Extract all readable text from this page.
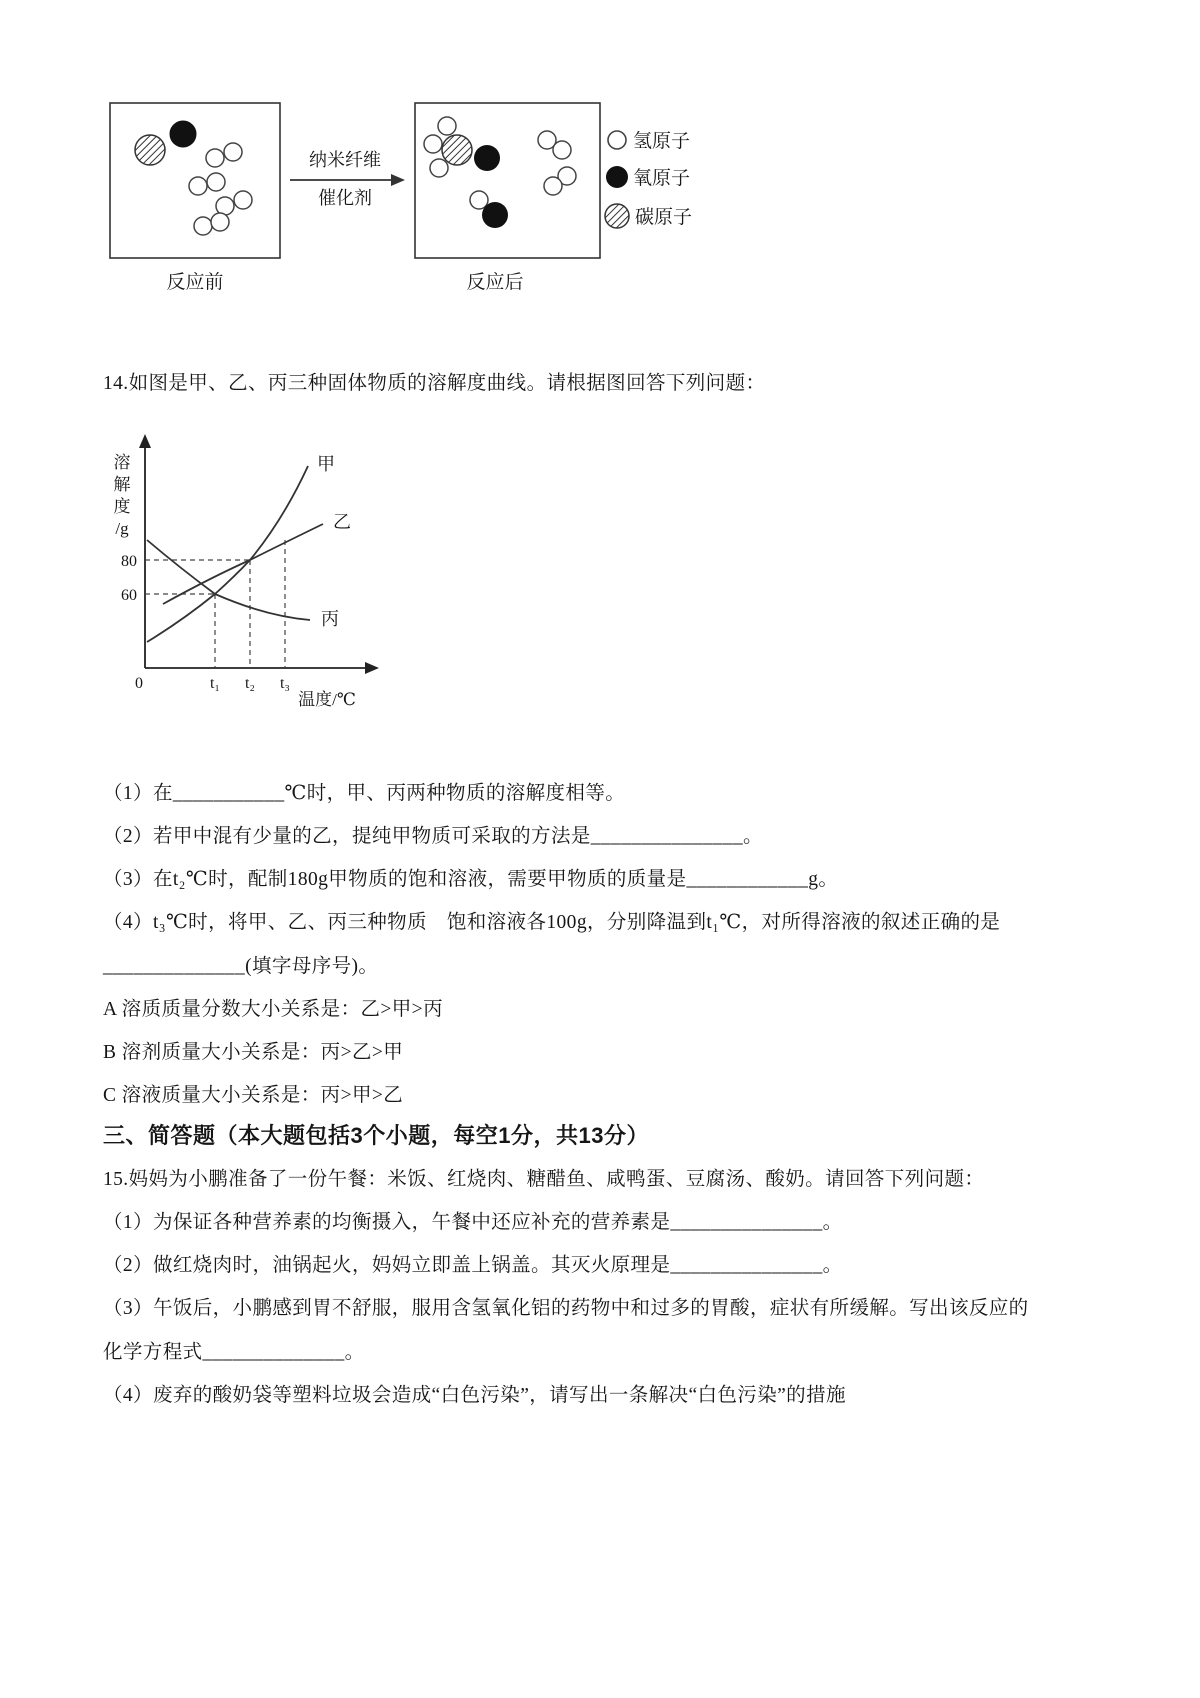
反应前
纳米纤维
催化剂
反应后
氢原子
氧原子
碳原子

14.如图是甲、乙、丙三种固体物质的溶解度曲线。请根据图回答下列问题：

溶
解
度
/g
80
60
甲
乙
丙
0	t₁ t₂ t₃
温度/℃

（1）在___________℃时，甲、丙两种物质的溶解度相等。

（2）若甲中混有少量的乙，提纯甲物质可采取的方法是_______________。

（3）在t₂℃时，配制180g甲物质的饱和溶液，需要甲物质的质量是____________g。

（4）t₃℃时，将甲、乙、丙三种物质　饱和溶液各100g，分别降温到t₁℃，对所得溶液的叙述正确的是

______________(填字母序号)。

A 溶质质量分数大小关系是：乙>甲>丙

B 溶剂质量大小关系是：丙>乙>甲

C 溶液质量大小关系是：丙>甲>乙

三、简答题（本大题包括3个小题，每空1分，共13分）

15.妈妈为小鹏准备了一份午餐：米饭、红烧肉、糖醋鱼、咸鸭蛋、豆腐汤、酸奶。请回答下列问题：

（1）为保证各种营养素的均衡摄入，午餐中还应补充的营养素是_______________。

（2）做红烧肉时，油锅起火，妈妈立即盖上锅盖。其灭火原理是_______________。

（3）午饭后，小鹏感到胃不舒服，服用含氢氧化铝的药物中和过多的胃酸，症状有所缓解。写出该反应的

化学方程式______________。

（4）废弃的酸奶袋等塑料垃圾会造成“白色污染”，请写出一条解决“白色污染”的措施
